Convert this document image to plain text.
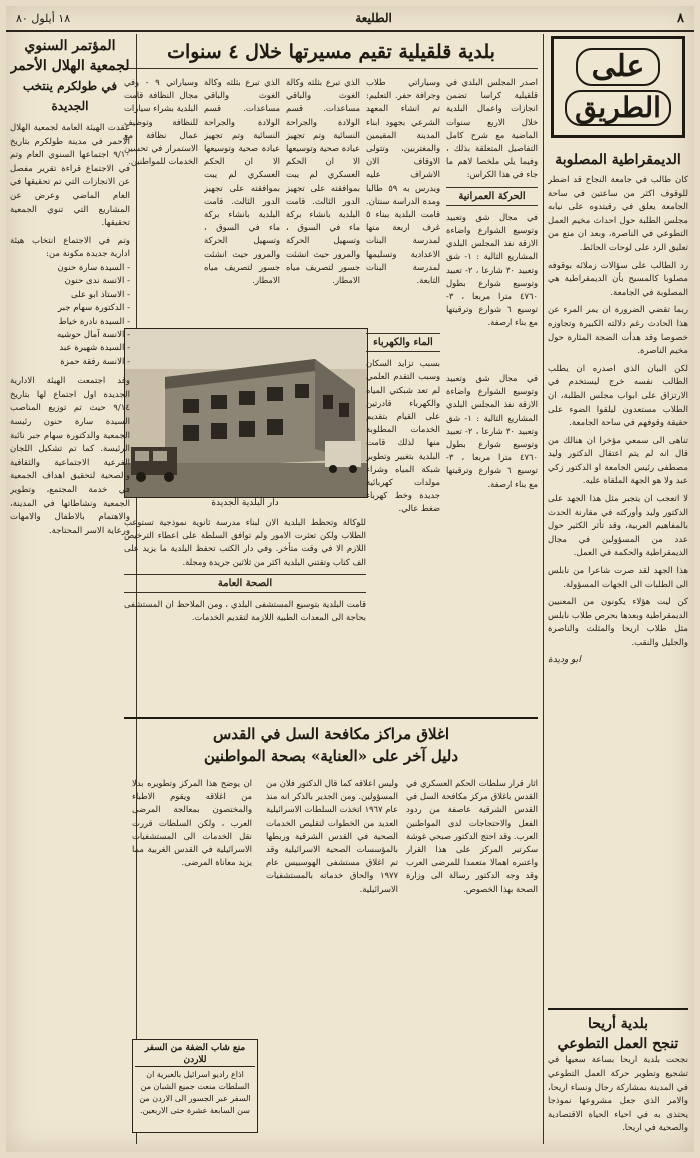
٨
الطليعة
١٨ أيلول ٨٠
على
الطريق
الديمقراطية المصلوبة

كان طالب في جامعة النجاح قد اضطر للوقوف اكثر من ساعتين في ساحة الجامعة يعلق في رقيتدوه على نيابه مجلس الطلبة حول احداث مخيم العمل التطوعي في الناصرة، وبعد ان منع من تعليق الرد على لوحات الحائط.

رد الطالب على سؤالات زملائه بوقوفه مصلوبا كالمسيح بأن الديمقراطية هي المصلوبة في الجامعة.

ربما تقضي الضرورة ان يمر المرء عن هذا الحادث رغم دلالته الكبيرة وتجاوزه خصوصا وقد هدأت الضجة المثارة حول مخيم الناصرة.

لكن البيان الذي اصدره ان يطلب الطالب نفسه خرج ليستخدم في الارتزاق على ابواب مجلس الطلبة، ان الطلاب مستعدون ليلقوا الضوء على حقيقة وقوفهم في ساحة الجامعة.

تناهى الى سمعي مؤخرا ان هنالك من قال انه لم يتم اعتقال الدكتور وليد مصطفى رئيس الجامعة او الدكتور زكي عبد ولا هو الجهة الملقاة عليه.

لا اتعجب ان يتجبر مثل هذا الجهد على الدكتور وليد وأوركته في مقارنة الحدث بالمفاهيم العربية، وقد تأثر الكثير حول عدد من المسؤولين في مجال الديمقراطية والحكمة في العمل.

هذا الجهد لقد صرت شاعرا من نابلس الى الطلبات الى الجهات المسؤولة.

كن ليت هؤلاء يكونون من المعنيين الديمقراطية وبعدها بحرص طلاب نابلس مثل طلاب اريحا والمثلث والناصرة والجليل والنقب.

ابو وديدة
بلدية أريحا
تنجح العمل التطوعي
نجحت بلدية اريحا بساعة سعيها في تشجيع وتطوير حركة العمل التطوعي في المدينة بمشاركة رجال ونساء اريحا، والامر الذي جعل مشروعها نموذجا يحتذى به في احياء الحياة الاقتصادية والصحية في اريحا.
بلدية قلقيلية تقيم مسيرتها خلال ٤ سنوات
اصدر المجلس البلدي في قلقيلية كراسا تضمن انجازات واعمال البلدية خلال الاربع سنوات الماضية مع شرح كامل التفاصيل المتعلقة بذلك ، وفيما يلي ملخصا لاهم ما جاء في هذا الكراس:
الحركة العمرانية
في مجال شق وتعبيد وتوسيع الشوارع واضاءة الازقة نفذ المجلس البلدي المشاريع التالية : ١- شق وتعبيد ٣٠ شارعا ، ٢- تعبيد وتوسيع شوارع بطول ٤٧٦٠ مترا مربعا ، ٣- توسيع ٦ شوارع وترقيتها مع بناء ارصفة.
وسياراتي طلاب وجرافة حفر. التعليم: تم انشاء المعهد الشرعي بجهود ابناء المدينة المقيمين والمغتربين، وتتولى الاوقاف الان الاشراف عليه ويدرس به ٥٩ طالبا ومدة الدراسة سنتان. قامت البلدية ببناء ٥ غرف اربعة منها لمدرسة البنات الاعدادية وتسليمها لمدرسة البنات التابعة.
الذي تبرع بثلثه وكالة الغوث والباقي مساعدات. قسم الولادة والجراحة النسائية وتم تجهيز عيادة صحية وتوسيعها الا ان الحكم العسكري لم يبت بموافقته على تجهيز الدور الثالث. قامت البلدية بانشاء بركة ماء في السوق ، وتسهيل الحركة والمرور حيث انشئت جسور لتصريف مياه الامطار.
الذي تبرع بثلثه وكالة الغوث والباقي مساعدات. قسم الولادة والجراحة النسائية وتم تجهيز عيادة صحية وتوسيعها الا ان الحكم العسكري لم يبت بموافقته على تجهيز الدور الثالث. قامت البلدية بانشاء بركة ماء في السوق ، وتسهيل الحركة والمرور حيث انشئت جسور لتصريف مياه الامطار.
وسياراتي ٩ - وفي مجال النظافة قامت البلدية بشراء سيارات للنظافة وتوظيف عمال نظافة مع الاستمرار في تحسين الخدمات للمواطنين.
دار البلدية الجديدة
في مجال شق وتعبيد وتوسيع الشوارع واضاءة الازقة نفذ المجلس البلدي المشاريع التالية : ١- شق وتعبيد ٣٠ شارعا ، ٢- تعبيد وتوسيع شوارع بطول ٤٧٦٠ مترا مربعا ، ٣- توسيع ٦ شوارع وترقيتها مع بناء ارصفة.
الماء والكهرباء
بسبب تزايد السكان وسبب التقدم العلمي لم تعد شبكتي المياه والكهرباء قادرتين على القيام بتقديم الخدمات المطلوبة منها لذلك قامت البلدية بتغيير وتطوير شبكة المياه وشراء مولدات كهربائية جديدة وخط كهرباء ضغط عالي.
للوكالة وتحظط البلدية الان لبناء مدرسة ثانوية نموذجية تستوعب الطلاب ولكن تعثرت الامور ولم توافق السلطة على اعطاء الترخيص اللازم الا في وقت متأخر. وفي دار الكتب تحفظ البلدية ما يزيد على الف كتاب وتقتني البلدية اكثر من ثلاثين جريدة ومجلة.
الصحة العامة
قامت البلدية بتوسيع المستشفى البلدي ، ومن الملاحظ ان المستشفى بحاجة الى المعدات الطبية اللازمة لتقديم الخدمات.
اغلاق مراكز مكافحة السل في القدس
دليل آخر على «العناية» بصحة المواطنين
اثار قرار سلطات الحكم العسكري في القدس باغلاق مركز مكافحة السل في القدس الشرقية عاصفة من ردود الفعل والاحتجاجات لدى المواطنين العرب. وقد احتج الدكتور صبحي غوشة سكرتير المركز على هذا القرار واعتبره اهمالا متعمدا للمرضى العرب وقد وجه الدكتور رسالة الى وزارة الصحة بهذا الخصوص.
وليس اعلاقه كما قال الدكتور فلان من المسؤولين. ومن الجدير بالذكر انه منذ عام ١٩٦٧ اتخذت السلطات الاسرائيلية العديد من الخطوات لتقليص الخدمات الصحية في القدس الشرقية وربطها بالمؤسسات الصحية الاسرائيلية وقد تم اغلاق مستشفى الهوسبيس عام ١٩٧٧ والحاق خدماته بالمستشفيات الاسرائيلية.
ان يوضح هذا المركز وتطويره بدلا من اغلاقه ويقوم الاطباء والمختصون بمعالجة المرضى العرب ، ولكن السلطات قررت نقل الخدمات الى المستشفيات الاسرائيلية في القدس الغربية مما يزيد معاناة المرضى.
منع شاب الضفة من السفر للاردن
اذاع راديو اسرائيل بالعبرية ان السلطات منعت جميع الشبان من السفر عبر الجسور الى الاردن من سن السابعة عشرة حتى الاربعين.
المؤتمر السنوي
لجمعية الهلال الأحمر
في طولكرم ينتخب الجديدة
عقدت الهيئة العامة لجمعية الهلال الاحمر في مدينة طولكرم بتاريخ ٩/١٠ اجتماعها السنوي العام وتم في الاجتماع قراءة تقرير مفصل عن الانجازات التي تم تحقيقها في العام الماضي وعرض عن المشاريع التي تنوي الجمعية تحقيقها.
وتم في الاجتماع انتخاب هيئة ادارية جديدة مكونة من:
- السيدة سارة حنون
- الانسة ندى حنون
- الاستاذ ابو على
- الدكتورة سهام جبر
- السيدة نادرة خياط
- الانسة آمال حوشيه
- السيدة شهيرة عبد
- الانسة رفقة حمزة
وقد اجتمعت الهيئة الادارية الجديدة اول اجتماع لها بتاريخ ٩/١٤ حيث تم توزيع المناصب السيدة سارة حنون رئيسة الجمعية والدكتورة سهام جبر نائبة الرئيسة. كما تم تشكيل اللجان الفرعية الاجتماعية والثقافية والصحية لتحقيق اهداف الجمعية في خدمة المجتمع، وتطوير الجمعية ونشاطاتها في المدينة، والاهتمام بالاطفال والامهات ورعاية الاسر المحتاجة.
